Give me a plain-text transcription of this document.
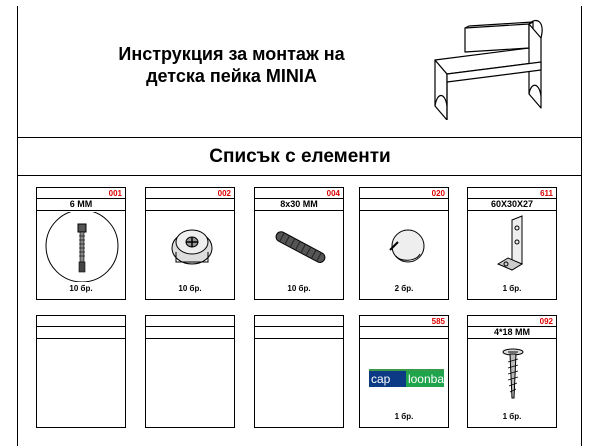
Инструкция за монтаж на
детска пейка MINIA
Списък с елементи
001
6 MM
10 бр.
002
10 бр.
004
8x30 MM
10 бр.
020
2 бр.
611
60X30X27
1 бр.
585
cap	loonba
1 бр.
092
4*18 MM
1 бр.
